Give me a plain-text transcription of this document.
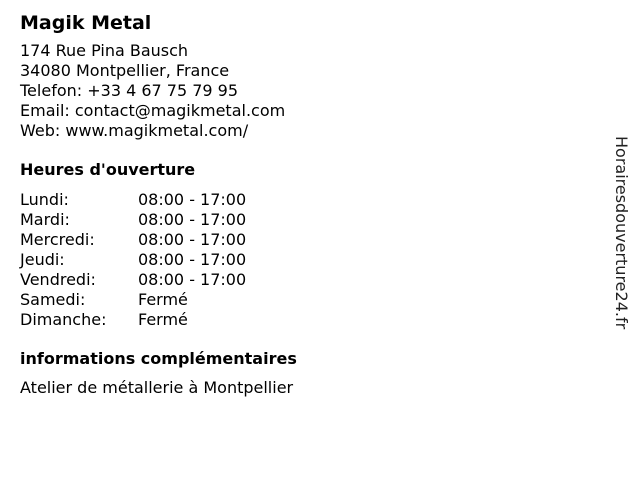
Magik Metal
174 Rue Pina Bausch
34080 Montpellier, France
Telefon: +33 4 67 75 79 95
Email: contact@magikmetal.com
Web: www.magikmetal.com/
Heures d'ouverture
Lundi:	08:00 - 17:00
Mardi:	08:00 - 17:00
Mercredi:	08:00 - 17:00
Jeudi:	08:00 - 17:00
Vendredi:	08:00 - 17:00
Samedi:	Fermé
Dimanche:	Fermé
informations complémentaires
Atelier de métallerie à Montpellier
Horairesdouverture24.fr
